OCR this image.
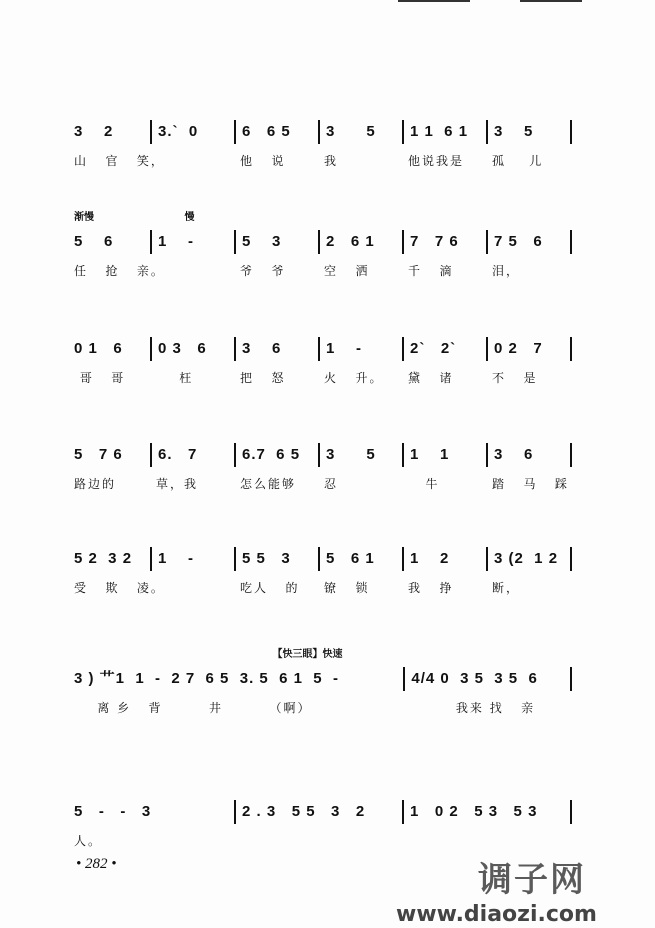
3    2
山   官   笑，
3.`  0	6   6 5
他   说
3      5
我
1 1  6 1
他说我是
3    5
孤    儿
渐慢                          慢
5    6
任   抢   亲。
1    -	5    3
爷   爷
2   6 1
空   洒
7   7 6
千   滴
7 5   6
泪，
0 1   6
哥   哥
0 3   6
枉
3    6
把   怒
1    -
火   升。
2`   2`
黛   诸
0 2   7
不   是
5   7 6
路边的
6.   7
草，我
6.7  6 5
怎么能够
3      5
忍
1    1
牛
3    6
踏   马   踩
5 2  3 2
受   欺   凌。
1    -	5 5   3
吃人   的
5   6 1
镣   锁
1    2
我   挣
3 (2  1 2
断，
【快三眼】快速
3 ) ⺾1  1  -  2 7  6 5  3. 5  6 1  5  -
离 乡   背        井        （啊）
4/4 0  3 5  3 5  6
我来 找   亲
5   -   -   3
人。
2 . 3   5 5   3   2	1   0 2   5 3   5 3
• 282 •	调子网
www.diaozi.com
